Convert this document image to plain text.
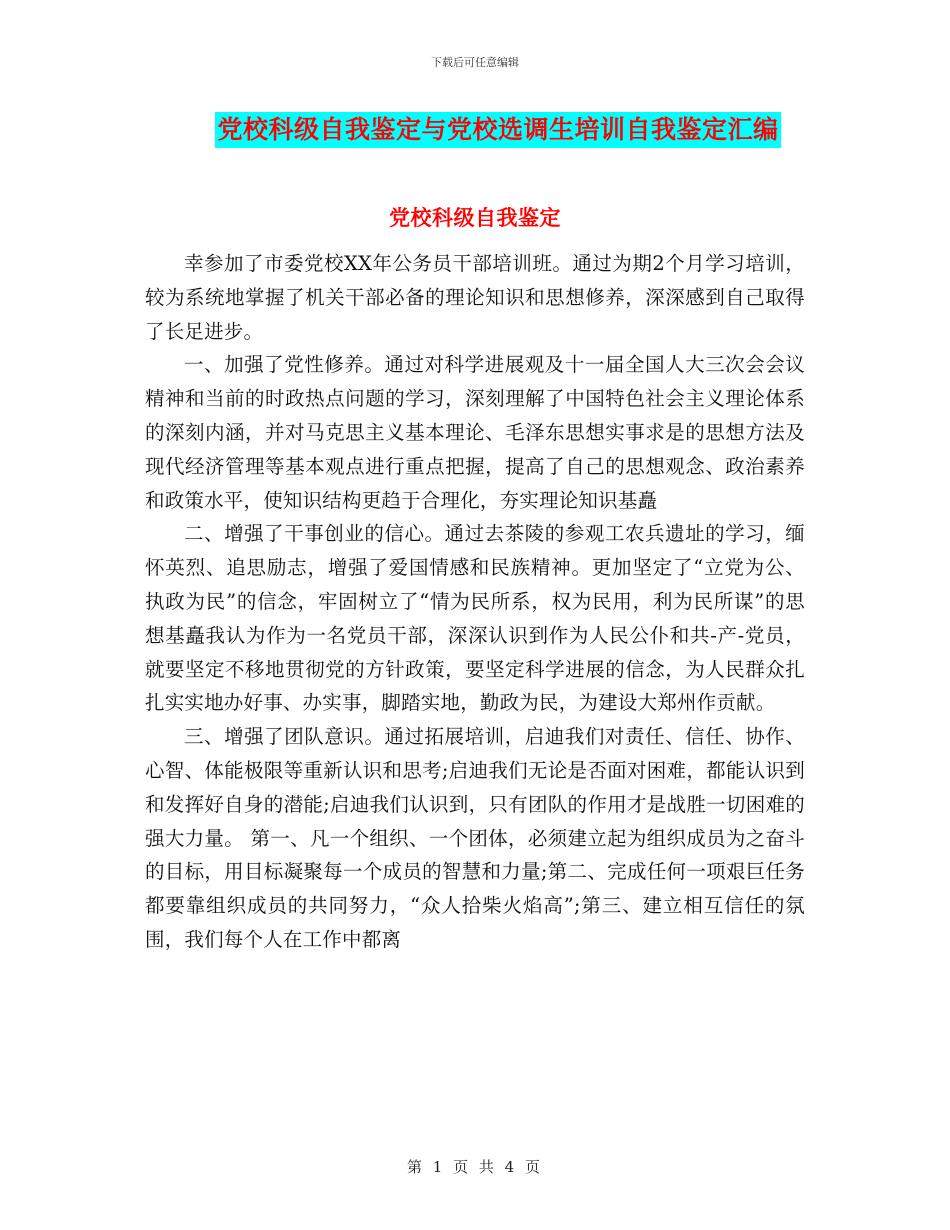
下载后可任意编辑
党校科级自我鉴定与党校选调生培训自我鉴定汇编
党校科级自我鉴定

幸参加了市委党校XX年公务员干部培训班。通过为期2个月学习培训，较为系统地掌握了机关干部必备的理论知识和思想修养，深深感到自己取得了长足进步。

一、加强了党性修养。通过对科学进展观及十一届全国人大三次会会议精神和当前的时政热点问题的学习，深刻理解了中国特色社会主义理论体系的深刻内涵，并对马克思主义基本理论、毛泽东思想实事求是的思想方法及现代经济管理等基本观点进行重点把握，提高了自己的思想观念、政治素养和政策水平，使知识结构更趋于合理化，夯实理论知识基矗

二、增强了干事创业的信心。通过去茶陵的参观工农兵遗址的学习，缅怀英烈、追思励志，增强了爱国情感和民族精神。更加坚定了“立党为公、执政为民”的信念，牢固树立了“情为民所系，权为民用，利为民所谋”的思想基矗我认为作为一名党员干部，深深认识到作为人民公仆和共-产-党员，就要坚定不移地贯彻党的方针政策，要坚定科学进展的信念，为人民群众扎扎实实地办好事、办实事，脚踏实地，勤政为民，为建设大郑州作贡献。

三、增强了团队意识。通过拓展培训，启迪我们对责任、信任、协作、心智、体能极限等重新认识和思考;启迪我们无论是否面对困难，都能认识到和发挥好自身的潜能;启迪我们认识到，只有团队的作用才是战胜一切困难的强大力量。 第一、凡一个组织、一个团体，必须建立起为组织成员为之奋斗的目标，用目标凝聚每一个成员的智慧和力量;第二、完成任何一项艰巨任务都要靠组织成员的共同努力，“众人拾柴火焰高”;第三、建立相互信任的氛围，我们每个人在工作中都离

第 1 页 共 4 页
